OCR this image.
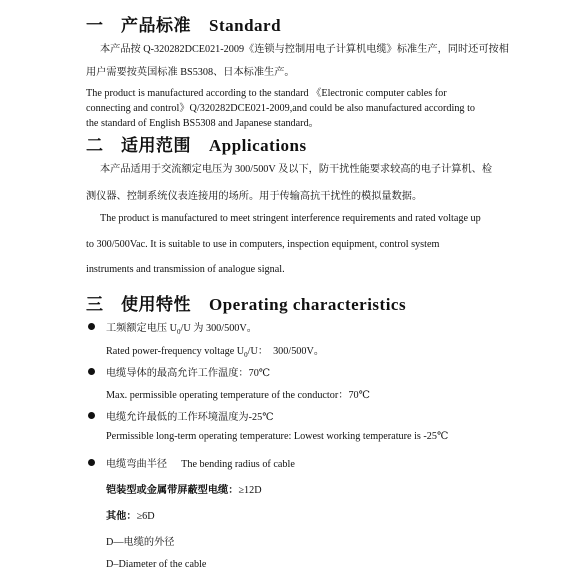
一　产品标准 Standard
本产品按 Q-320282DCE021-2009《连锁与控制用电子计算机电缆》标准生产，同时还可按相
用户需要按英国标准 BS5308、日本标准生产。
The product is manufactured according to the standard 《Electronic computer cables for
connecting and control》Q/320282DCE021-2009,and could be also manufactured according to
the standard of English BS5308 and Japanese standard。
二　适用范围 Applications
本产品适用于交流额定电压为 300/500V 及以下，防干扰性能要求较高的电子计算机、检
测仪器、控制系统仪表连接用的场所。用于传输高抗干扰性的模拟量数据。
The product is manufactured to meet stringent interference requirements and rated voltage up
to 300/500Vac. It is suitable to use in computers, inspection equipment, control system
instruments and transmission of analogue signal.
三　使用特性 Operating characteristics
工频额定电压 $U_0/U$ 为 300/500V。
Rated power-frequency voltage $U_0/U$：　300/500V。
电缆导体的最高允许工作温度：70℃
Max. permissible operating temperature of the conductor：70℃
电缆允许最低的工作环境温度为-25℃
Permissible long-term operating temperature: Lowest working temperature is -25℃
电缆弯曲半径 The bending radius of cable
铠装型或金属带屏蔽型电缆：≥12D
其他：≥6D
D—电缆的外径
D–Diameter of the cable
